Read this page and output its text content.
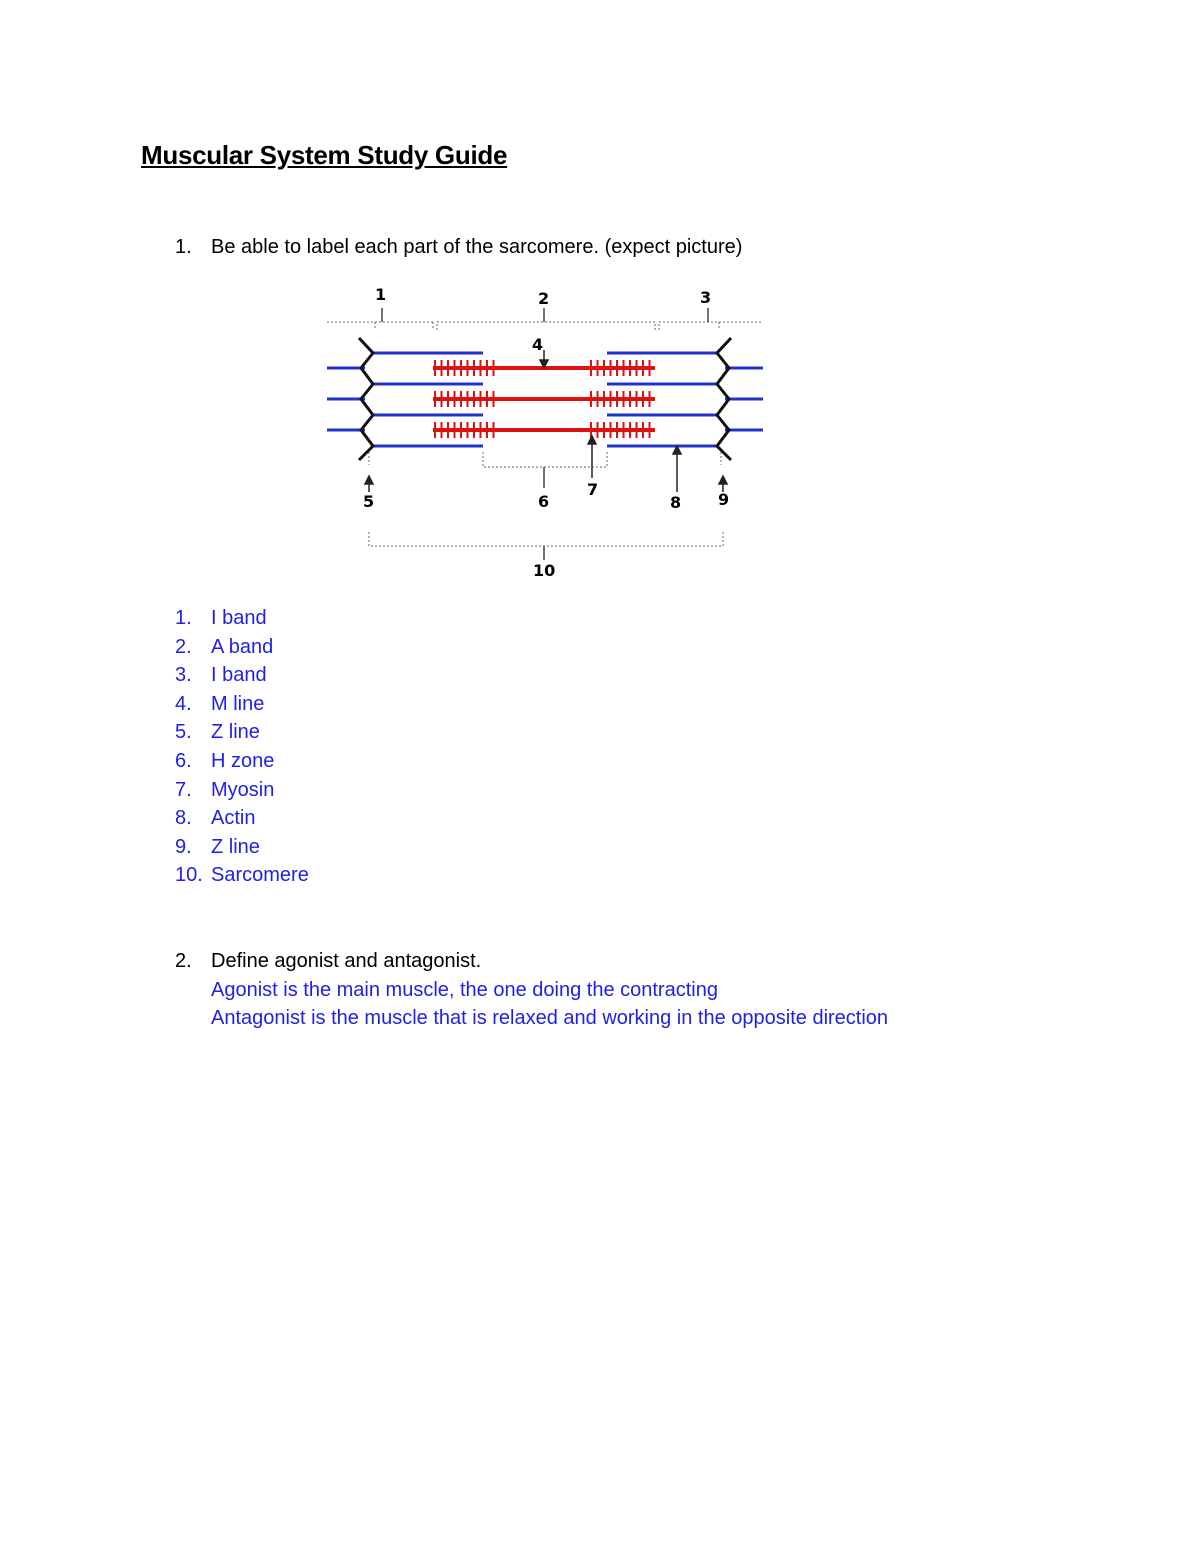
Muscular System Study Guide
1. Be able to label each part of the sarcomere. (expect picture)
1	2	3
4
5	6
7
8 9
10
1. I band
2. A band
3. I band
4. M line
5. Z line
6. H zone
7. Myosin
8. Actin
9. Z line
10. Sarcomere
2. Define agonist and antagonist.
Agonist is the main muscle, the one doing the contracting
Antagonist is the muscle that is relaxed and working in the opposite direction
